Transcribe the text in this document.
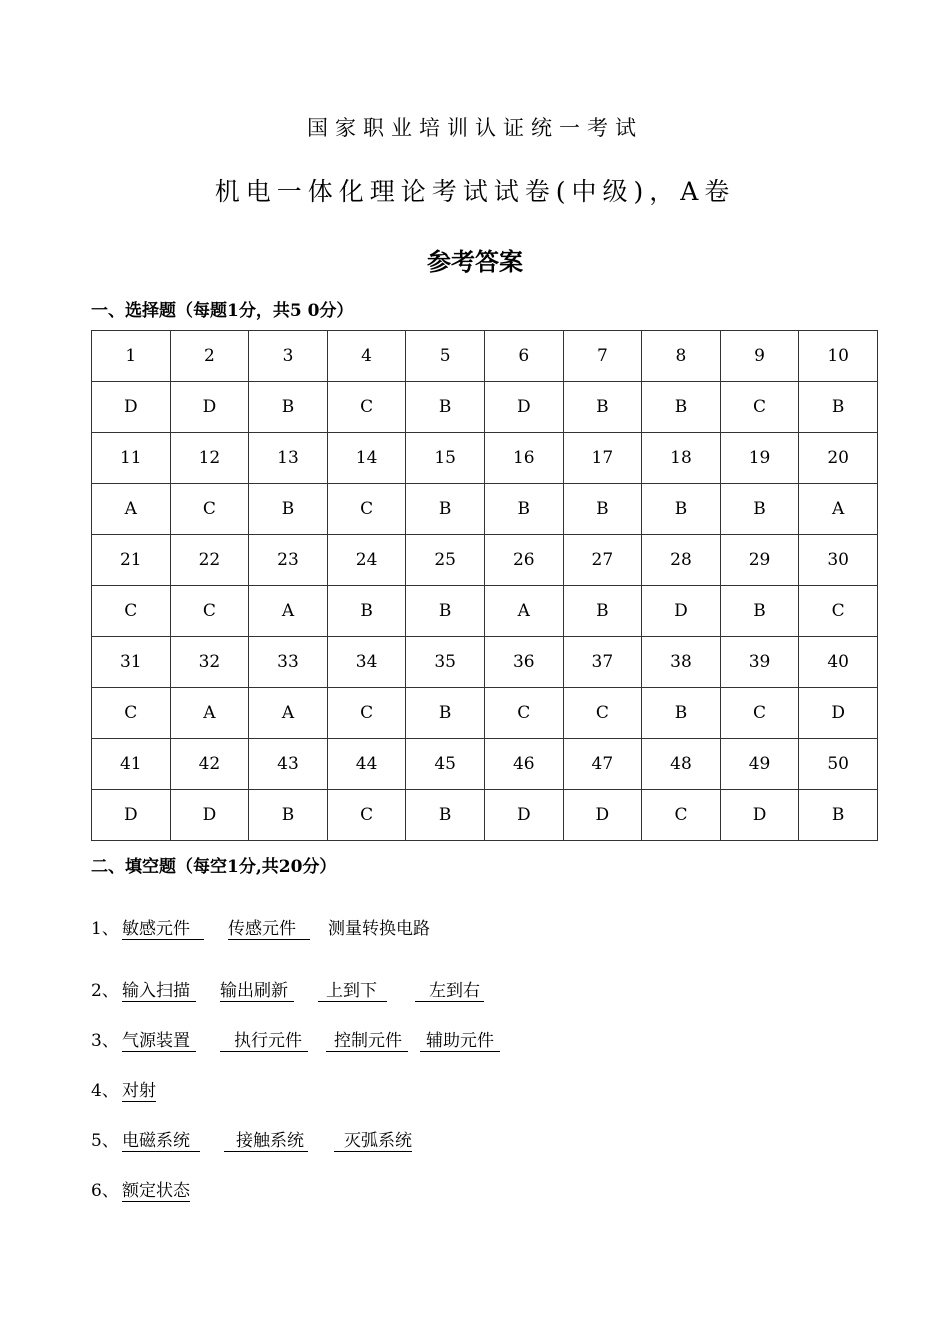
国家职业培训认证统一考试
机电一体化理论考试试卷(中级)，A卷
参考答案
一、选择题（每题1分，共5 0分）
1	2	3	4	5	6	7	8	9	10
D	D	B	C	B	D	B	B	C	B
11	12	13	14	15	16	17	18	19	20
A	C	B	C	B	B	B	B	B	A
21	22	23	24	25	26	27	28	29	30
C	C	A	B	B	A	B	D	B	C
31	32	33	34	35	36	37	38	39	40
C	A	A	C	B	C	C	B	C	D
41	42	43	44	45	46	47	48	49	50
D	D	B	C	B	D	D	C	D	B
二、填空题（每空1分,共20分）
1、 敏感元件 传感元件 测量转换电路
2、 输入扫描 输出刷新 上到下	左到右
3、 气源装置	执行元件 控制元件 辅助元件
4、 对射
5、 电磁系统	接触系统 灭弧系统
6、 额定状态
